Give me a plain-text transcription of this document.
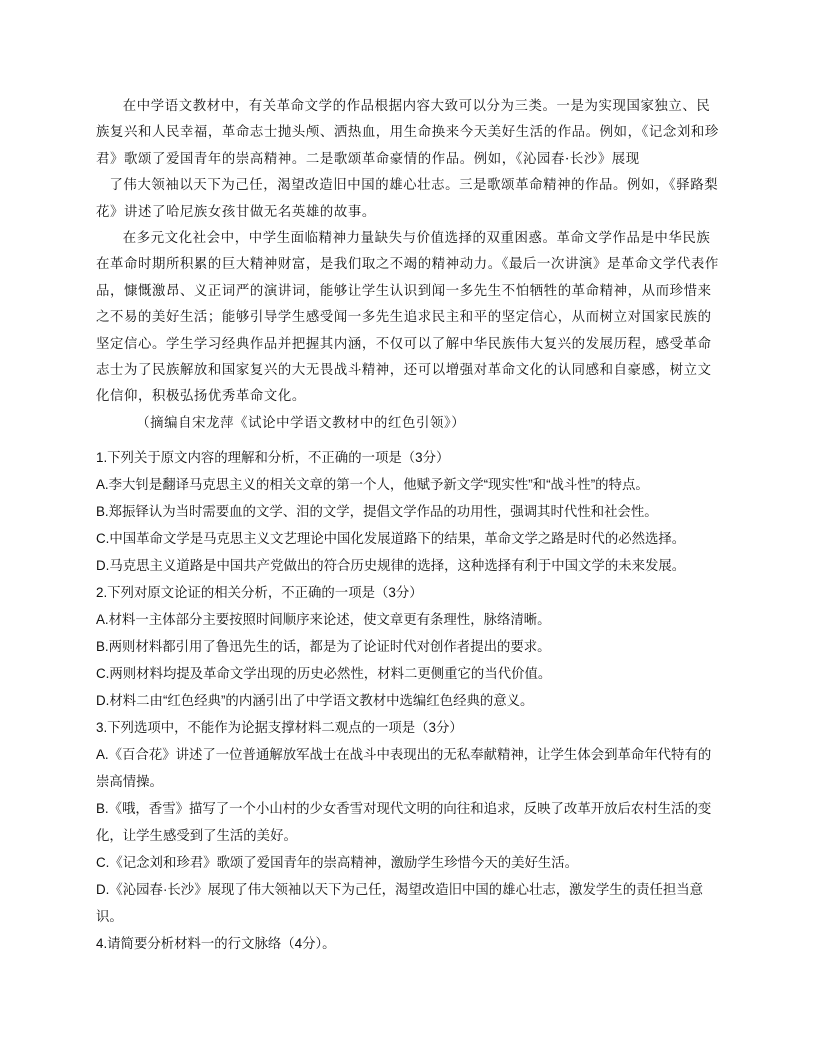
在中学语文教材中，有关革命文学的作品根据内容大致可以分为三类。一是为实现国家独立、民族复兴和人民幸福，革命志士抛头颅、洒热血，用生命换来今天美好生活的作品。例如，《记念刘和珍君》歌颂了爱国青年的崇高精神。二是歌颂革命豪情的作品。例如，《沁园春·长沙》展现

了伟大领袖以天下为己任，渴望改造旧中国的雄心壮志。三是歌颂革命精神的作品。例如，《驿路梨花》讲述了哈尼族女孩甘做无名英雄的故事。

在多元文化社会中，中学生面临精神力量缺失与价值选择的双重困惑。革命文学作品是中华民族在革命时期所积累的巨大精神财富，是我们取之不竭的精神动力。《最后一次讲演》是革命文学代表作品，慷慨激昂、义正词严的演讲词，能够让学生认识到闻一多先生不怕牺牲的革命精神，从而珍惜来之不易的美好生活；能够引导学生感受闻一多先生追求民主和平的坚定信心，从而树立对国家民族的坚定信心。学生学习经典作品并把握其内涵，不仅可以了解中华民族伟大复兴的发展历程，感受革命志士为了民族解放和国家复兴的大无畏战斗精神，还可以增强对革命文化的认同感和自豪感，树立文化信仰，积极弘扬优秀革命文化。

（摘编自宋龙萍《试论中学语文教材中的红色引领》）

1.下列关于原文内容的理解和分析，不正确的一项是（3分）

A.李大钊是翻译马克思主义的相关文章的第一个人，他赋予新文学“现实性”和“战斗性”的特点。

B.郑振铎认为当时需要血的文学、泪的文学，提倡文学作品的功用性，强调其时代性和社会性。

C.中国革命文学是马克思主义文艺理论中国化发展道路下的结果，革命文学之路是时代的必然选择。

D.马克思主义道路是中国共产党做出的符合历史规律的选择，这种选择有利于中国文学的未来发展。

2.下列对原文论证的相关分析，不正确的一项是（3分）

A.材料一主体部分主要按照时间顺序来论述，使文章更有条理性，脉络清晰。

B.两则材料都引用了鲁迅先生的话，都是为了论证时代对创作者提出的要求。

C.两则材料均提及革命文学出现的历史必然性，材料二更侧重它的当代价值。

D.材料二由“红色经典”的内涵引出了中学语文教材中选编红色经典的意义。

3.下列选项中，不能作为论据支撑材料二观点的一项是（3分）

A.《百合花》讲述了一位普通解放军战士在战斗中表现出的无私奉献精神，让学生体会到革命年代特有的崇高情操。

B.《哦，香雪》描写了一个小山村的少女香雪对现代文明的向往和追求，反映了改革开放后农村生活的变化，让学生感受到了生活的美好。

C.《记念刘和珍君》歌颂了爱国青年的崇高精神，激励学生珍惜今天的美好生活。

D.《沁园春·长沙》展现了伟大领袖以天下为己任，渴望改造旧中国的雄心壮志，激发学生的责任担当意识。

4.请简要分析材料一的行文脉络（4分）。
